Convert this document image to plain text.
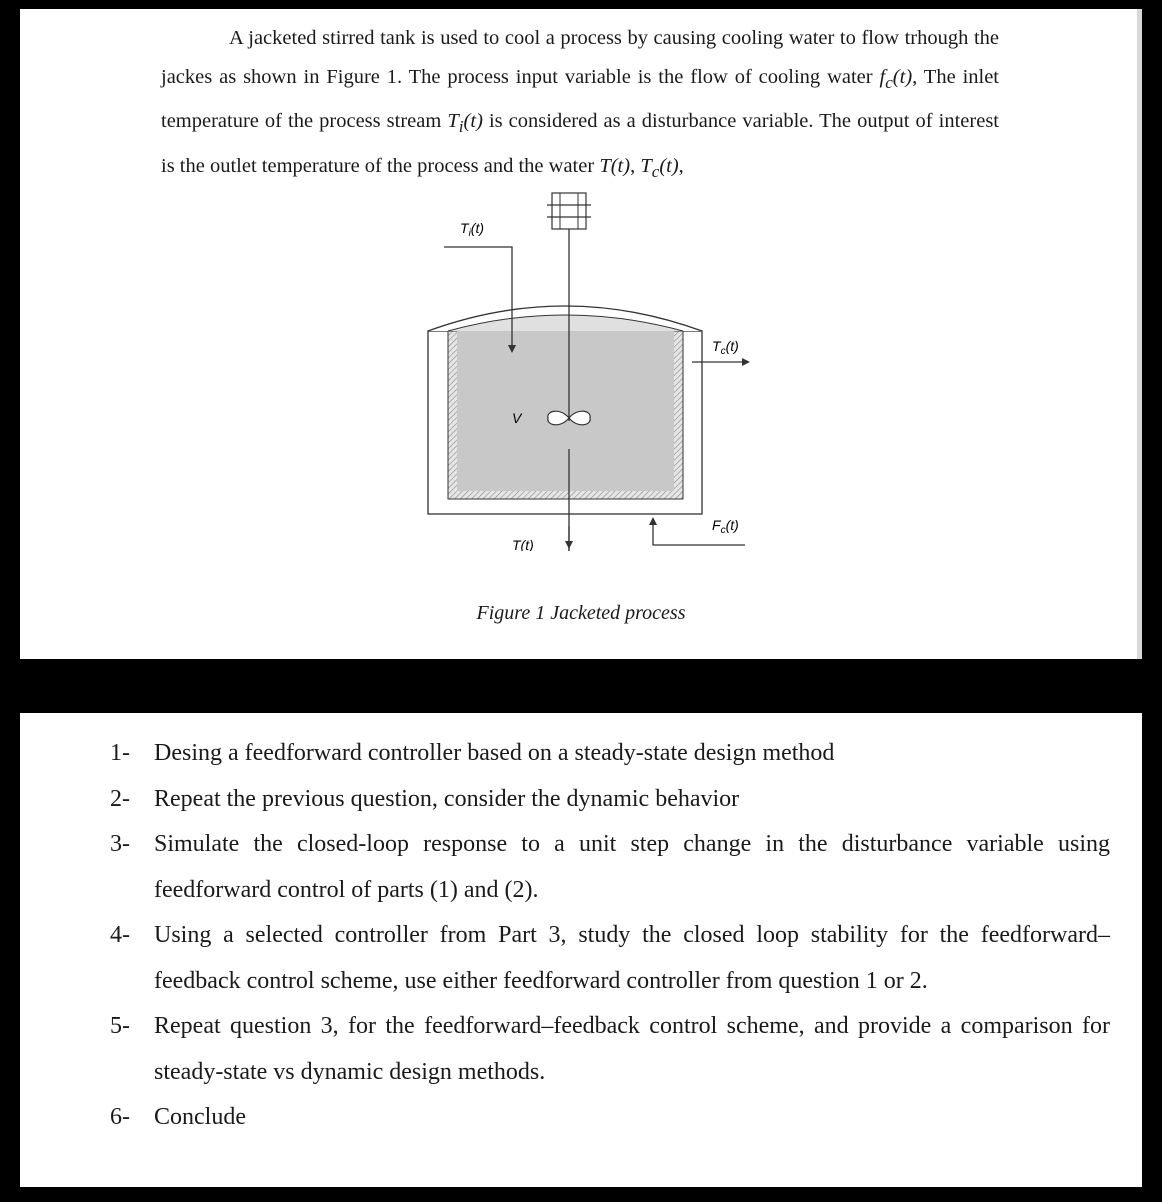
A jacketed stirred tank is used to cool a process by causing cooling water to flow trhough the jackes as shown in Figure 1. The process input variable is the flow of cooling water $f_c(t)$, The inlet temperature of the process stream $T_i(t)$ is considered as a disturbance variable. The output of interest is the outlet temperature of the process and the water T(t), $T_c(t)$,

$T_i(t)$
$T_c(t)$
V
$F_c(t)$
T(t)
Figure 1 Jacketed process
1-	Desing a feedforward controller based on a steady-state design method
2-	Repeat the previous question, consider the dynamic behavior
3-	Simulate the closed-loop response to a unit step change in the disturbance variable using feedforward control of parts (1) and (2).
4-	Using a selected controller from Part 3, study the closed loop stability for the feedforward–feedback control scheme, use either feedforward controller from question 1 or 2.
5-	Repeat question 3, for the feedforward–feedback control scheme, and provide a comparison for steady-state vs dynamic design methods.
6-	Conclude
